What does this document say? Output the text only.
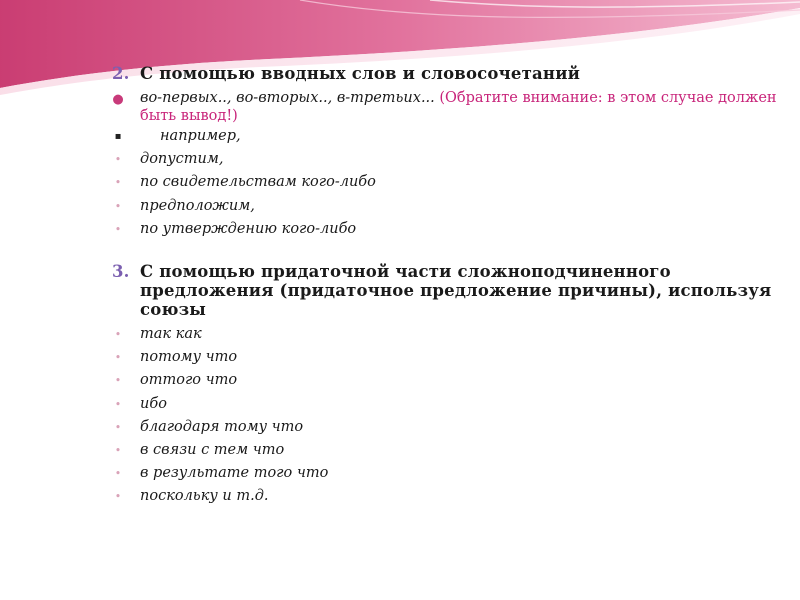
2. С помощью вводных слов и словосочетаний
● во-первых.., во-вторых.., в-третьих... (Обратите внимание: в этом случае должен быть вывод!)
▪	например,
• допустим,
• по свидетельствам кого-либо
• предположим,
• по утверждению кого-либо
3. С помощью придаточной части сложноподчиненного предложения (придаточное предложение причины), используя союзы
• так как
• потому что
• оттого что
• ибо
• благодаря тому что
• в связи с тем что
• в результате того что
• поскольку и т.д.
